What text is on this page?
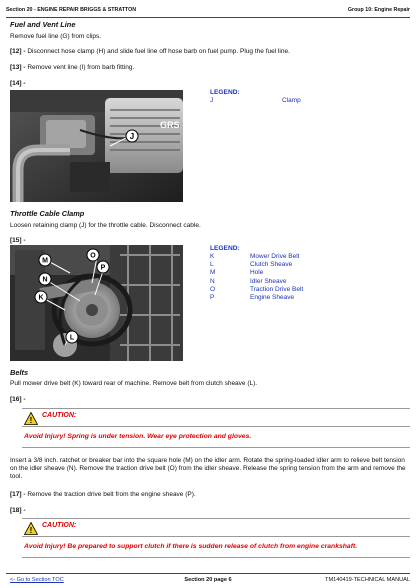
Section 20 - ENGINE REPAIR BRIGGS & STRATTON	Group 10: Engine Repair
Fuel and Vent Line
Remove fuel line (G) from clips.
[12] - Disconnect hose clamp (H) and slide fuel line off hose barb on fuel pump. Plug the fuel line.
[13] - Remove vent line (I) from barb fitting.
[14] -
GRS
J
LEGEND:
J	Clamp
Throttle Cable Clamp
Loosen retaining clamp (J) for the throttle cable. Disconnect cable.
[15] -
M
O
P
N
K
L
LEGEND:
K	Mower Drive Belt
L	Clutch Sheave
M	Hole
N	Idler Sheave
O	Traction Drive Belt
P	Engine Sheave
Belts
Pull mower drive belt (K) toward rear of machine. Remove belt from clutch sheave (L).
[16] -
!
CAUTION:
Avoid Injury! Spring is under tension. Wear eye protection and gloves.
Insert a 3/8 inch. ratchet or breaker bar into the square hole (M) on the idler arm. Rotate the spring-loaded idler arm to relieve belt tension on the idler sheave (N). Remove the traction drive belt (O) from the idler sheave. Release the spring tension from the arm and remove the tool.
[17] - Remove the traction drive belt from the engine sheave (P).
[18] -
!
CAUTION:
Avoid Injury! Be prepared to support clutch if there is sudden release of clutch from engine crankshaft.
<- Go to Section TOC	Section 20 page 6	TM140419-TECHNICAL MANUAL
